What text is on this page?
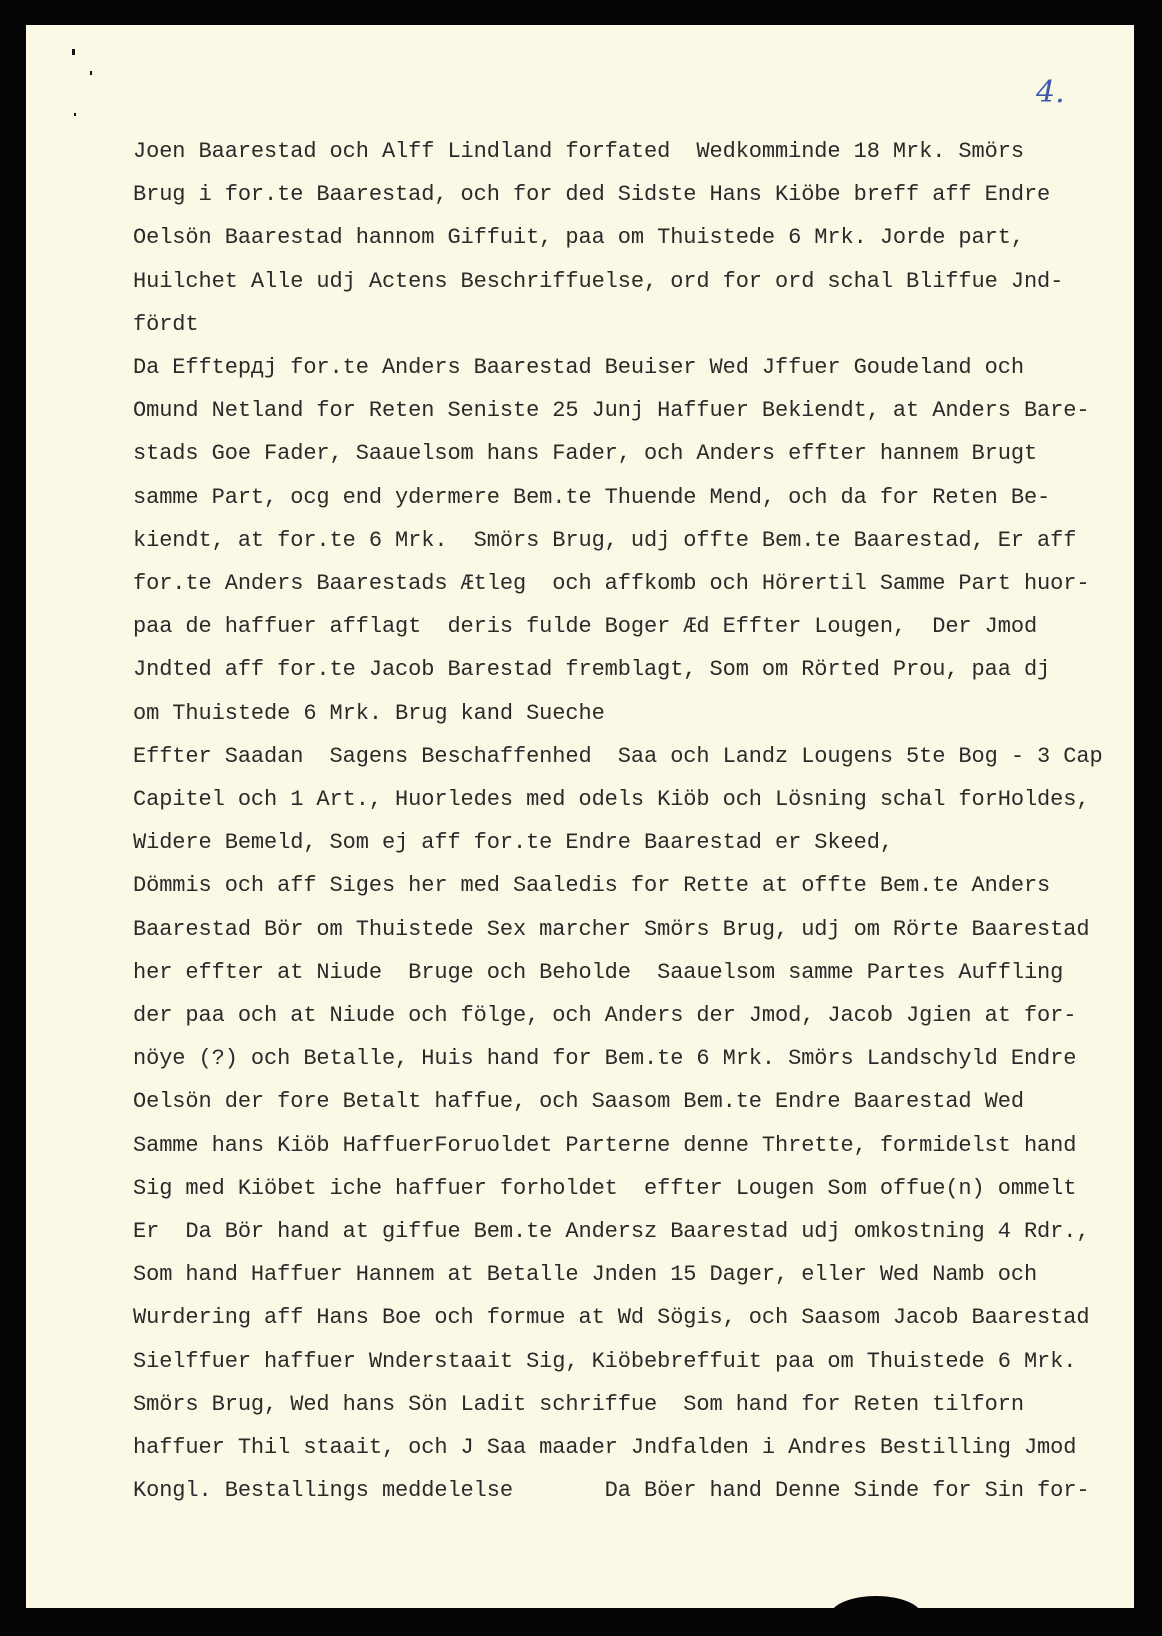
4.
Joen Baarestad och Alff Lindland forfated  Wedkomminde 18 Mrk. Smörs
Brug i for.te Baarestad, och for ded Sidste Hans Kiöbe breff aff Endre
Oelsön Baarestad hannom Giffuit, paa om Thuistede 6 Mrk. Jorde part,
Huilchet Alle udj Actens Beschriffuelse, ord for ord schal Bliffue Jnd-
fördt
Da Efftердj for.te Anders Baarestad Beuiser Wed Jffuer Goudeland och
Omund Netland for Reten Seniste 25 Junj Haffuer Bekiendt, at Anders Bare-
stads Goe Fader, Saauelsom hans Fader, och Anders effter hannem Brugt
samme Part, ocg end ydermere Bem.te Thuende Mend, och da for Reten Be-
kiendt, at for.te 6 Mrk.  Smörs Brug, udj offte Bem.te Baarestad, Er aff
for.te Anders Baarestads Ætleg  och affkomb och Hörertil Samme Part huor-
paa de haffuer afflagt  deris fulde Boger Æd Effter Lougen,  Der Jmod
Jndted aff for.te Jacob Barestad fremblagt, Som om Rörted Prou, paa dj
om Thuistede 6 Mrk. Brug kand Sueche
Effter Saadan  Sagens Beschaffenhed  Saa och Landz Lougens 5te Bog - 3 Cap
Capitel och 1 Art., Huorledes med odels Kiöb och Lösning schal forHoldes,
Widere Bemeld, Som ej aff for.te Endre Baarestad er Skeed,
Dömmis och aff Siges her med Saaledis for Rette at offte Bem.te Anders
Baarestad Bör om Thuistede Sex marcher Smörs Brug, udj om Rörte Baarestad
her effter at Niude  Bruge och Beholde  Saauelsom samme Partes Auffling
der paa och at Niude och fölge, och Anders der Jmod, Jacob Jgien at for-
nöye (?) och Betalle, Huis hand for Bem.te 6 Mrk. Smörs Landschyld Endre
Oelsön der fore Betalt haffue, och Saasom Bem.te Endre Baarestad Wed
Samme hans Kiöb HaffuerForuoldet Parterne denne Thrette, formidelst hand
Sig med Kiöbet iche haffuer forholdet  effter Lougen Som offue(n) ommelt
Er  Da Bör hand at giffue Bem.te Andersz Baarestad udj omkostning 4 Rdr.,
Som hand Haffuer Hannem at Betalle Jnden 15 Dager, eller Wed Namb och
Wurdering aff Hans Boe och formue at Wd Sögis, och Saasom Jacob Baarestad
Sielffuer haffuer Wnderstaait Sig, Kiöbebreffuit paa om Thuistede 6 Mrk.
Smörs Brug, Wed hans Sön Ladit schriffue  Som hand for Reten tilforn
haffuer Thil staait, och J Saa maader Jndfalden i Andres Bestilling Jmod
Kongl. Bestallings meddelelse       Da Böer hand Denne Sinde for Sin for-
